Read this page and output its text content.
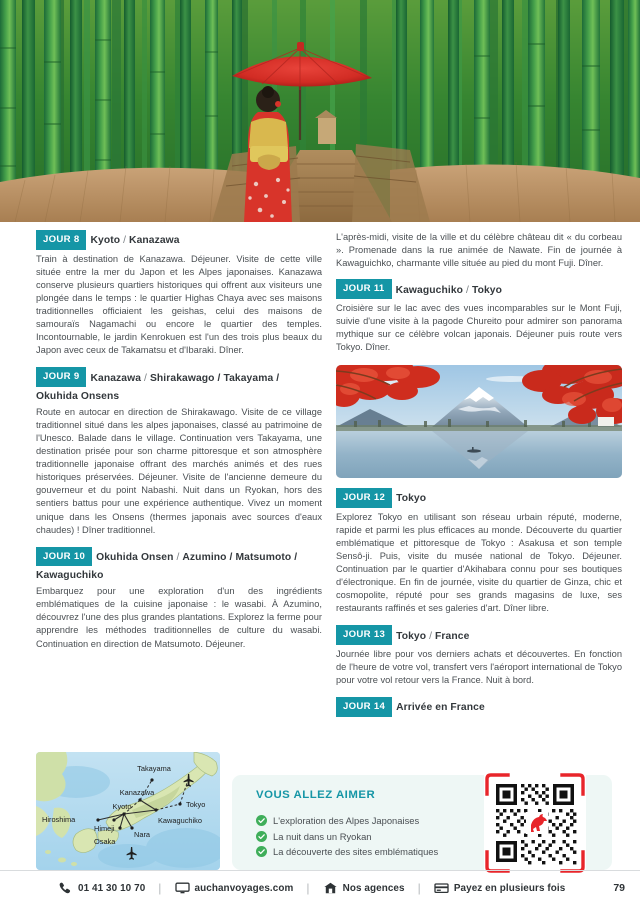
JOUR 8 Kyoto / Kanazawa

Train à destination de Kanazawa. Déjeuner. Visite de cette ville située entre la mer du Japon et les Alpes japonaises. Kanazawa conserve plusieurs quartiers historiques qui offrent aux visiteurs une plongée dans le temps : le quartier Highas Chaya avec ses maisons traditionnelles officiaient les geishas, celui des maisons de samouraïs Nagamachi ou encore le quartier des temples. Incontournable, le jardin Kenrokuen est l'un des trois plus beaux du Japon avec ceux de Takamatsu et d'Ibaraki. Dîner.

JOUR 9 Kanazawa / Shirakawago / Takayama /
Okuhida Onsens

Route en autocar en direction de Shirakawago. Visite de ce village traditionnel situé dans les alpes japonaises, classé au patrimoine de l'Unesco. Balade dans le village. Continuation vers Takayama, une destination prisée pour son charme pittoresque et son atmosphère traditionnelle japonaise offrant des marchés animés et des rues historiques préservées. Déjeuner. Visite de l'ancienne demeure du gouverneur et du point Nabashi. Nuit dans un Ryokan, hors des sentiers battus pour une expérience authentique. Vivez un moment unique dans les Onsens (thermes japonais avec sources d'eaux chaudes) ! Dîner traditionnel.

JOUR 10 Okuhida Onsen / Azumino / Matsumoto /
Kawaguchiko

Embarquez pour une exploration d'un des ingrédients emblématiques de la cuisine japonaise : le wasabi. À Azumino, découvrez l'une des plus grandes plantations. Explorez la ferme pour apprendre les méthodes traditionnelles de culture du wasabi. Continuation en direction de Matsumoto. Déjeuner.

L'après-midi, visite de la ville et du célèbre château dit « du corbeau ». Promenade dans la rue animée de Nawate. Fin de journée à Kawaguichko, charmante ville située au pied du mont Fuji. Dîner.

JOUR 11 Kawaguchiko / Tokyo

Croisière sur le lac avec des vues incomparables sur le Mont Fuji, suivie d'une visite à la pagode Chureito pour admirer son panorama mythique sur ce célèbre volcan japonais. Déjeuner puis route vers Tokyo. Dîner.

JOUR 12 Tokyo

Explorez Tokyo en utilisant son réseau urbain réputé, moderne, rapide et parmi les plus efficaces au monde. Découverte du quartier emblématique et pittoresque de Tokyo : Asakusa et son temple Sensô-ji. Puis, visite du musée national de Tokyo. Déjeuner. Continuation par le quartier d'Akihabara connu pour ses boutiques d'électronique. En fin de journée, visite du quartier de Ginza, chic et cosmopolite, réputé pour ses grands magasins de luxe, ses restaurants raffinés et ses galeries d'art. Dîner libre.

JOUR 13 Tokyo / France

Journée libre pour vos derniers achats et découvertes. En fonction de l'heure de votre vol, transfert vers l'aéroport international de Tokyo pour votre vol retour vers la France. Nuit à bord.

JOUR 14 Arrivée en France
Takayama
Kanazawa
Tokyo
Kyoto
Hiroshima	Kawaguchiko
Himeji
Nara
Osaka
VOUS ALLEZ AIMER
L'exploration des Alpes Japonaises
La nuit dans un Ryokan
La découverte des sites emblématiques
01 41 30 10 70 |	auchanvoyages.com |	Nos agences |	Payez en plusieurs fois	79
